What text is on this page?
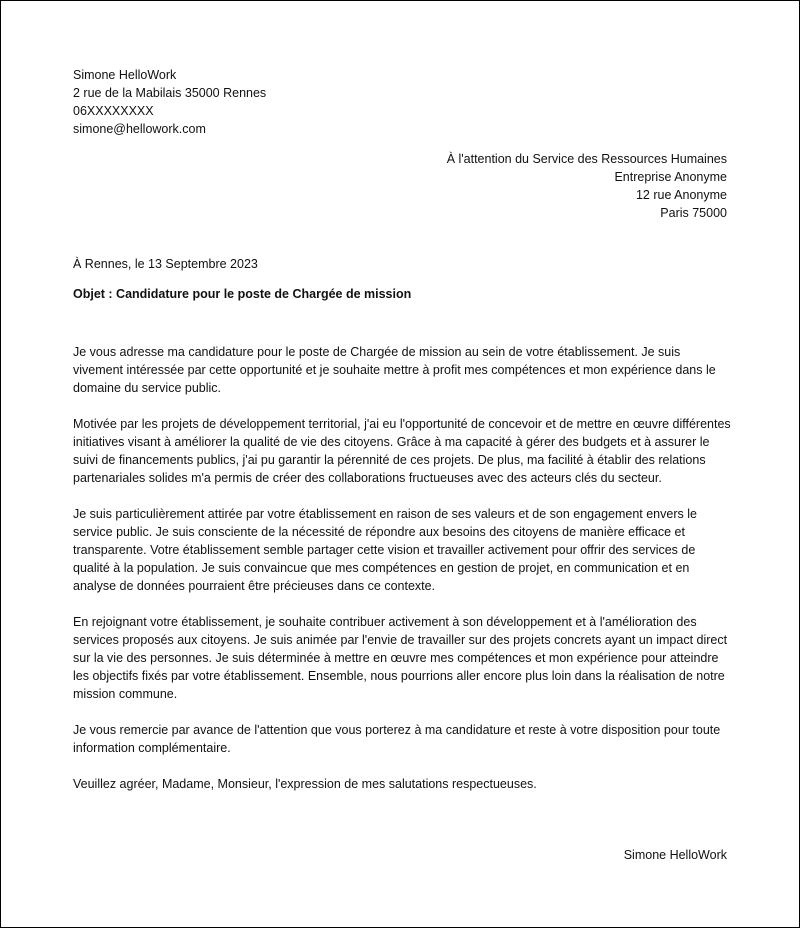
Simone HelloWork
2 rue de la Mabilais 35000 Rennes
06XXXXXXXX
simone@hellowork.com
À l'attention du Service des Ressources Humaines
Entreprise Anonyme
12 rue Anonyme
Paris 75000
À Rennes, le 13 Septembre 2023
Objet : Candidature pour le poste de Chargée de mission

Je vous adresse ma candidature pour le poste de Chargée de mission au sein de votre établissement. Je suis vivement intéressée par cette opportunité et je souhaite mettre à profit mes compétences et mon expérience dans le domaine du service public.

Motivée par les projets de développement territorial, j'ai eu l'opportunité de concevoir et de mettre en œuvre différentes initiatives visant à améliorer la qualité de vie des citoyens. Grâce à ma capacité à gérer des budgets et à assurer le suivi de financements publics, j'ai pu garantir la pérennité de ces projets. De plus, ma facilité à établir des relations partenariales solides m'a permis de créer des collaborations fructueuses avec des acteurs clés du secteur.

Je suis particulièrement attirée par votre établissement en raison de ses valeurs et de son engagement envers le service public. Je suis consciente de la nécessité de répondre aux besoins des citoyens de manière efficace et transparente. Votre établissement semble partager cette vision et travailler activement pour offrir des services de qualité à la population. Je suis convaincue que mes compétences en gestion de projet, en communication et en analyse de données pourraient être précieuses dans ce contexte.

En rejoignant votre établissement, je souhaite contribuer activement à son développement et à l'amélioration des services proposés aux citoyens. Je suis animée par l'envie de travailler sur des projets concrets ayant un impact direct sur la vie des personnes. Je suis déterminée à mettre en œuvre mes compétences et mon expérience pour atteindre les objectifs fixés par votre établissement. Ensemble, nous pourrions aller encore plus loin dans la réalisation de notre mission commune.

Je vous remercie par avance de l'attention que vous porterez à ma candidature et reste à votre disposition pour toute information complémentaire.

Veuillez agréer, Madame, Monsieur, l'expression de mes salutations respectueuses.

Simone HelloWork
